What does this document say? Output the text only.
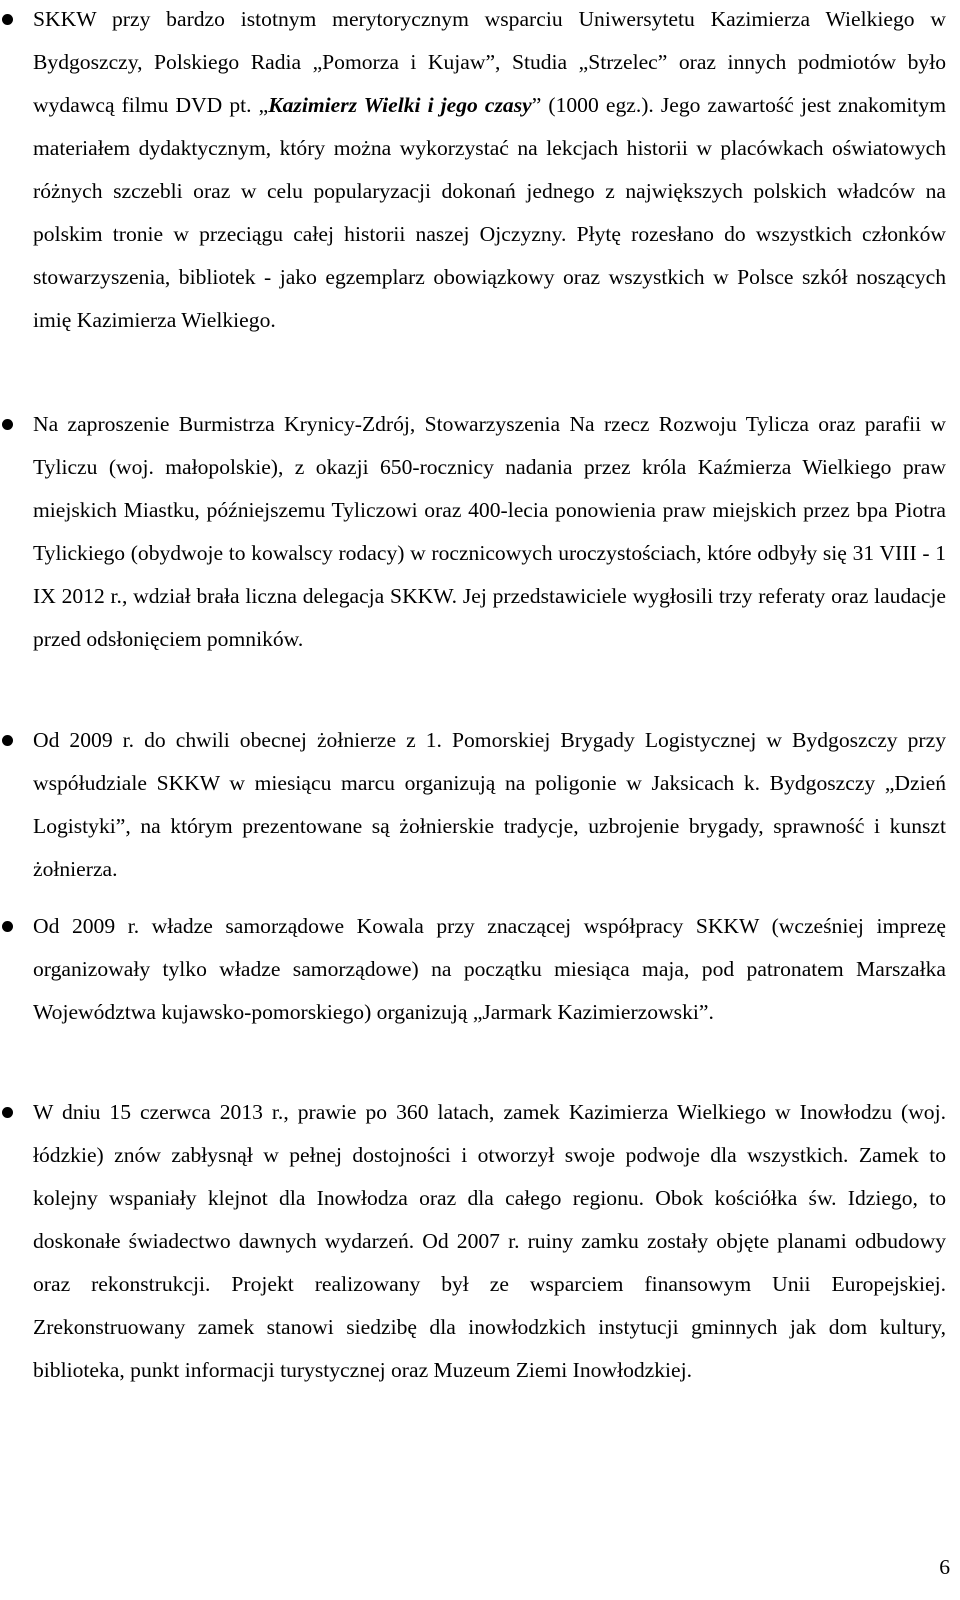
SKKW przy bardzo istotnym merytorycznym wsparciu Uniwersytetu Kazimierza Wielkiego w Bydgoszczy, Polskiego Radia „Pomorza i Kujaw”, Studia „Strzelec” oraz innych podmiotów było wydawcą filmu DVD pt. „Kazimierz Wielki i jego czasy” (1000 egz.). Jego zawartość jest znakomitym materiałem dydaktycznym, który można wykorzystać na lekcjach historii w placówkach oświatowych różnych szczebli oraz w celu popularyzacji dokonań jednego z największych polskich władców na polskim tronie w przeciągu całej historii naszej Ojczyzny. Płytę rozesłano do wszystkich członków stowarzyszenia, bibliotek - jako egzemplarz obowiązkowy oraz wszystkich w Polsce szkół noszących imię Kazimierza Wielkiego.
Na zaproszenie Burmistrza Krynicy-Zdrój, Stowarzyszenia Na rzecz Rozwoju Tylicza oraz parafii w Tyliczu (woj. małopolskie), z okazji 650-rocznicy nadania przez króla Kaźmierza Wielkiego praw miejskich Miastku, późniejszemu Tyliczowi oraz 400-lecia ponowienia praw miejskich przez bpa Piotra Tylickiego (obydwoje to kowalscy rodacy) w rocznicowych uroczystościach, które odbyły się 31 VIII - 1 IX 2012 r., wdział brała liczna delegacja SKKW. Jej przedstawiciele wygłosili trzy referaty oraz laudacje przed odsłonięciem pomników.
Od 2009 r. do chwili obecnej żołnierze z 1. Pomorskiej Brygady Logistycznej w Bydgoszczy przy współudziale SKKW w miesiącu marcu organizują na poligonie w Jaksicach k. Bydgoszczy „Dzień Logistyki”, na którym prezentowane są żołnierskie tradycje, uzbrojenie brygady, sprawność i kunszt żołnierza.
Od 2009 r. władze samorządowe Kowala przy znaczącej współpracy SKKW (wcześniej imprezę organizowały tylko władze samorządowe) na początku miesiąca maja, pod patronatem Marszałka Województwa kujawsko-pomorskiego) organizują „Jarmark Kazimierzowski”.
W dniu 15 czerwca 2013 r., prawie po 360 latach, zamek Kazimierza Wielkiego w Inowłodzu (woj. łódzkie) znów zabłysnął w pełnej dostojności i otworzył swoje podwoje dla wszystkich. Zamek to kolejny wspaniały klejnot dla Inowłodza oraz dla całego regionu. Obok kościółka św. Idziego, to doskonałe świadectwo dawnych wydarzeń. Od 2007 r. ruiny zamku zostały objęte planami odbudowy oraz rekonstrukcji. Projekt realizowany był ze wsparciem finansowym Unii Europejskiej. Zrekonstruowany zamek stanowi siedzibę dla inowłodzkich instytucji gminnych jak dom kultury, biblioteka, punkt informacji turystycznej oraz Muzeum Ziemi Inowłodzkiej.
6
